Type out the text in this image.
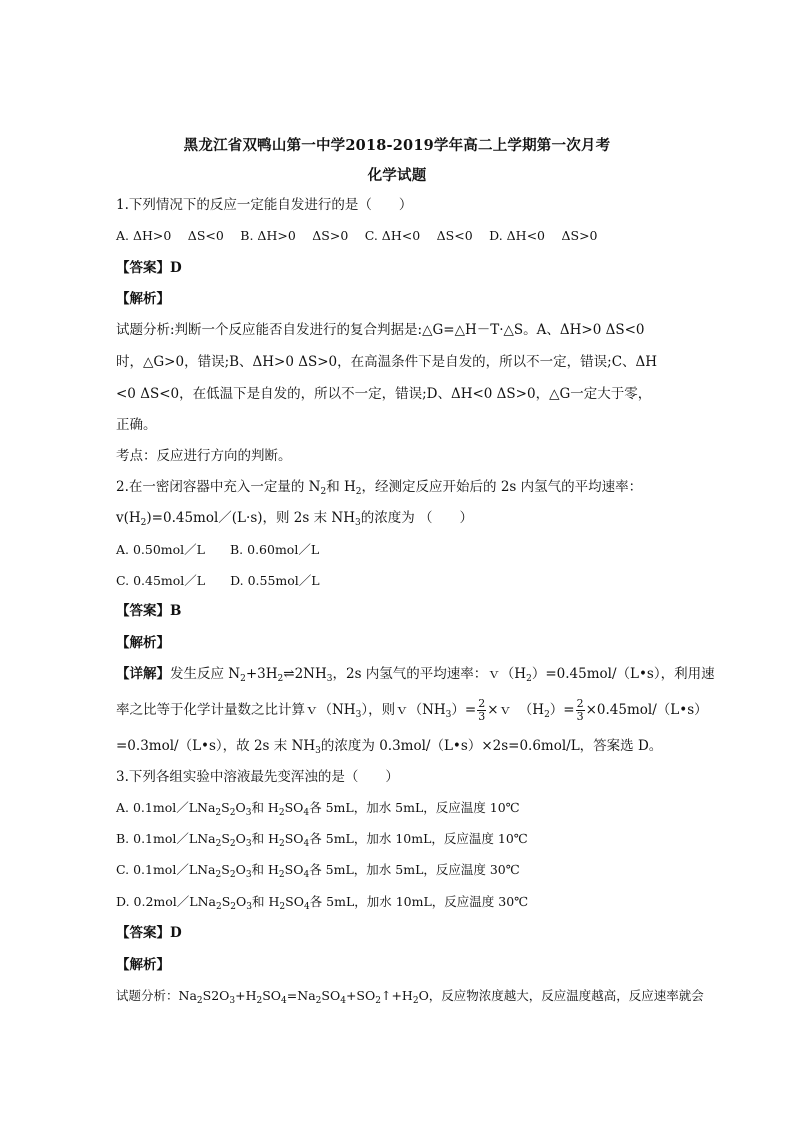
黑龙江省双鸭山第一中学2018-2019学年高二上学期第一次月考
化学试题
1.下列情况下的反应一定能自发进行的是（　　）
A. ΔH>0　 ΔS<0　 B. ΔH>0　 ΔS>0　 C. ΔH<0　 ΔS<0　 D. ΔH<0　 ΔS>0
【答案】D
【解析】
试题分析:判断一个反应能否自发进行的复合判据是:△G=△H－T·△S。A、ΔH>0 ΔS<0
时，△G>0，错误;B、ΔH>0 ΔS>0，在高温条件下是自发的，所以不一定，错误;C、ΔH
<0 ΔS<0，在低温下是自发的，所以不一定，错误;D、ΔH<0 ΔS>0，△G一定大于零，
正确。
考点：反应进行方向的判断。
2.在一密闭容器中充入一定量的 $N_2$和 $H_2$，经测定反应开始后的 2s 内氢气的平均速率：
$v(H_2)=0.45mol/(L\cdot s)$，则 2s 末 $NH_3$的浓度为 （　　）
A. 0.50mol／L　　B. 0.60mol／L
C. 0.45mol／L　　D. 0.55mol／L
【答案】B
【解析】
【详解】发生反应 $N_2+3H_2\rightleftharpoons 2NH_3$，2s 内氢气的平均速率：$v(H_2)=0.45mol/(L•s)$，利用速
率之比等于化学计量数之比计算$v(NH_3)$，则$v(NH_3)= \frac{2}{3}$ ×ｖ　$(H_2)= \frac{2}{3}$ ×0.45mol/（L•s）
=0.3mol/（L•s），故 2s 末 $NH_3$的浓度为 0.3mol/（L•s）×2s=0.6mol/L，答案选 D。
3.下列各组实验中溶液最先变浑浊的是（　　）
A. $0.1mol/LNa_2S_2O_3$和 $H_2SO_4$各 5mL，加水 5mL，反应温度 10℃
B. $0.1mol/LNa_2S_2O_3$和 $H_2SO_4$各 5mL，加水 10mL，反应温度 10℃
C. $0.1mol/LNa_2S_2O_3$和 $H_2SO_4$各 5mL，加水 5mL，反应温度 30℃
D. $0.2mol/LNa_2S_2O_3$和 $H_2SO_4$各 5mL，加水 10mL，反应温度 30℃
【答案】D
【解析】
试题分析：$Na_2S2O_3+H_2SO_4=Na_2SO_4+SO_2↑+H_2O$，反应物浓度越大，反应温度越高，反应速率就会
